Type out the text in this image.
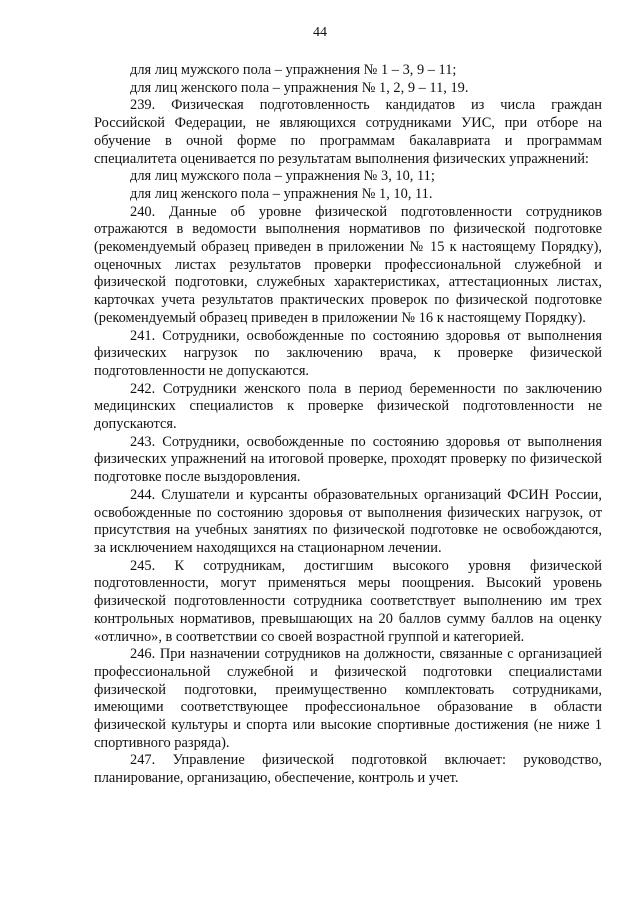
44

для лиц мужского пола – упражнения № 1 – 3, 9 – 11;

для лиц женского пола – упражнения № 1, 2, 9 – 11, 19.

239. Физическая подготовленность кандидатов из числа граждан Российской Федерации, не являющихся сотрудниками УИС, при отборе на обучение в очной форме по программам бакалавриата и программам специалитета оценивается по результатам выполнения физических упражнений:

для лиц мужского пола – упражнения № 3, 10, 11;

для лиц женского пола – упражнения № 1, 10, 11.

240. Данные об уровне физической подготовленности сотрудников отражаются в ведомости выполнения нормативов по физической подготовке (рекомендуемый образец приведен в приложении № 15 к настоящему Порядку), оценочных листах результатов проверки профессиональной служебной и физической подготовки, служебных характеристиках, аттестационных листах, карточках учета результатов практических проверок по физической подготовке (рекомендуемый образец приведен в приложении № 16 к настоящему Порядку).

241. Сотрудники, освобожденные по состоянию здоровья от выполнения физических нагрузок по заключению врача, к проверке физической подготовленности не допускаются.

242. Сотрудники женского пола в период беременности по заключению медицинских специалистов к проверке физической подготовленности не допускаются.

243. Сотрудники, освобожденные по состоянию здоровья от выполнения физических упражнений на итоговой проверке, проходят проверку по физической подготовке после выздоровления.

244. Слушатели и курсанты образовательных организаций ФСИН России, освобожденные по состоянию здоровья от выполнения физических нагрузок, от присутствия на учебных занятиях по физической подготовке не освобождаются, за исключением находящихся на стационарном лечении.

245. К сотрудникам, достигшим высокого уровня физической подготовленности, могут применяться меры поощрения. Высокий уровень физической подготовленности сотрудника соответствует выполнению им трех контрольных нормативов, превышающих на 20 баллов сумму баллов на оценку «отлично», в соответствии со своей возрастной группой и категорией.

246. При назначении сотрудников на должности, связанные с организацией профессиональной служебной и физической подготовки специалистами физической подготовки, преимущественно комплектовать сотрудниками, имеющими соответствующее профессиональное образование в области физической культуры и спорта или высокие спортивные достижения (не ниже 1 спортивного разряда).

247. Управление физической подготовкой включает: руководство, планирование, организацию, обеспечение, контроль и учет.
